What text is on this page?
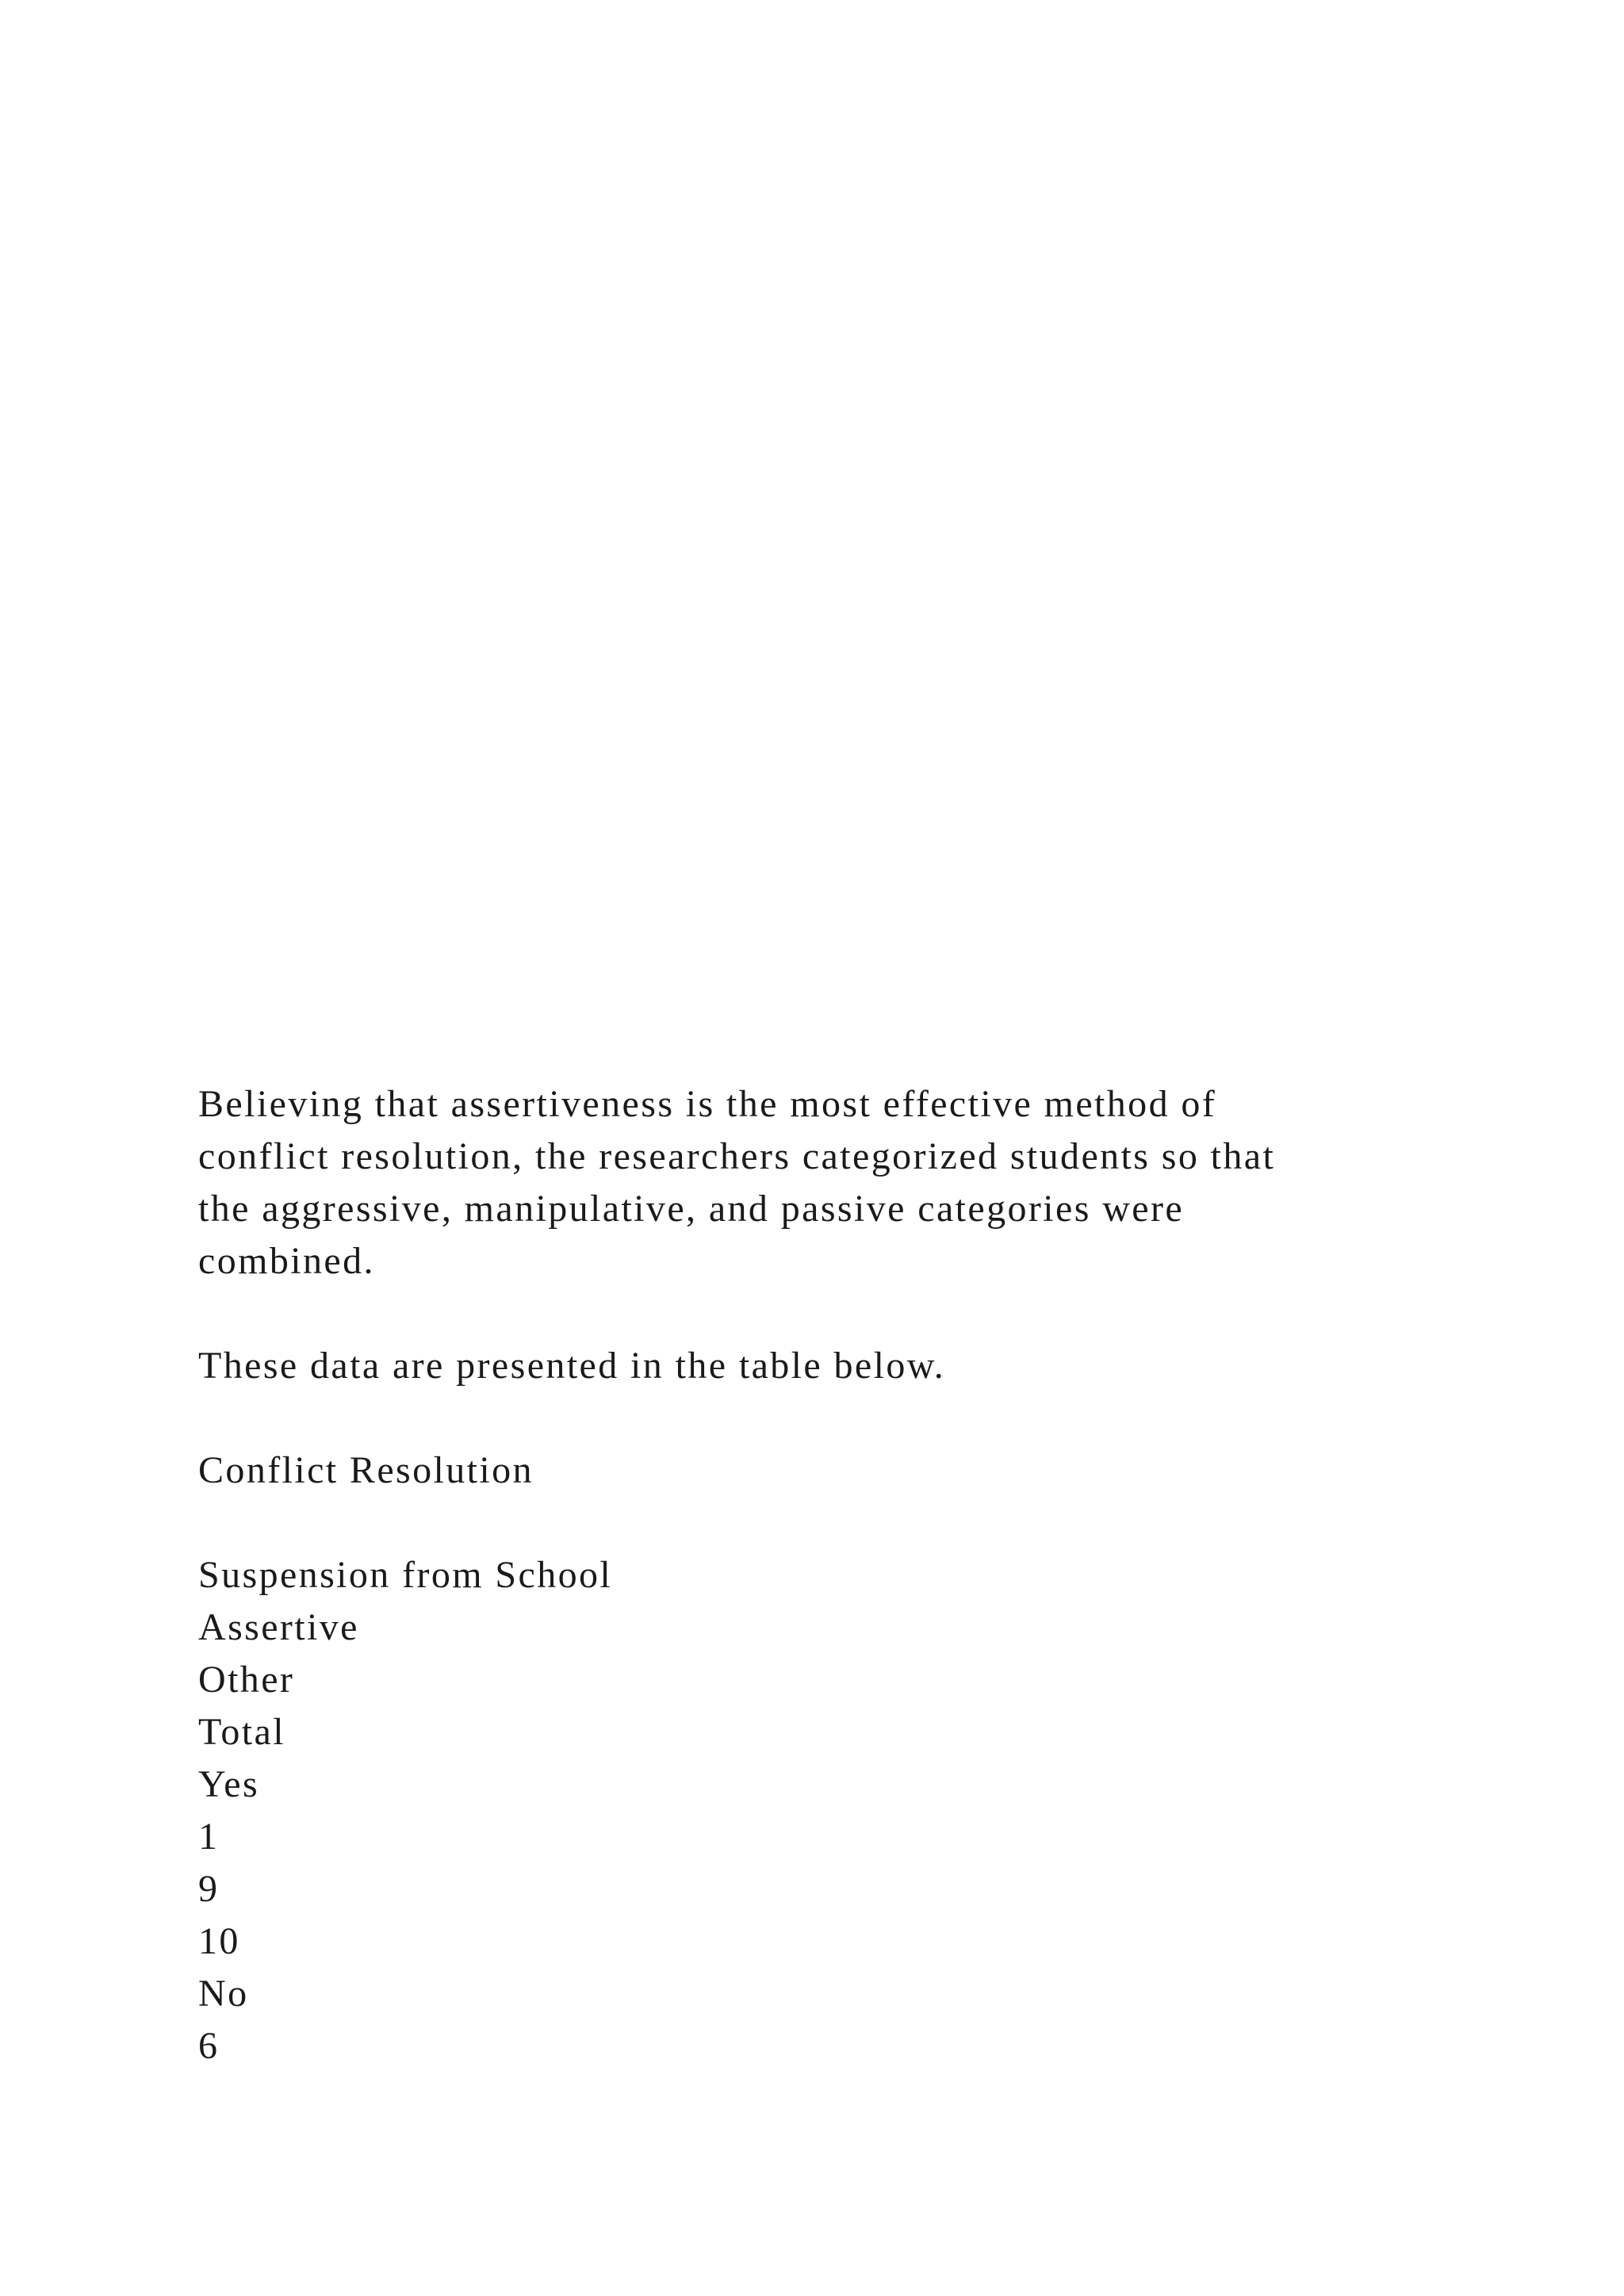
Believing that assertiveness is the most effective method of
conflict resolution, the researchers categorized students so that
the aggressive, manipulative, and passive categories were
combined.

These data are presented in the table below.

Conflict Resolution

Suspension from School
Assertive
Other
Total
Yes
1
9
10
No
6
